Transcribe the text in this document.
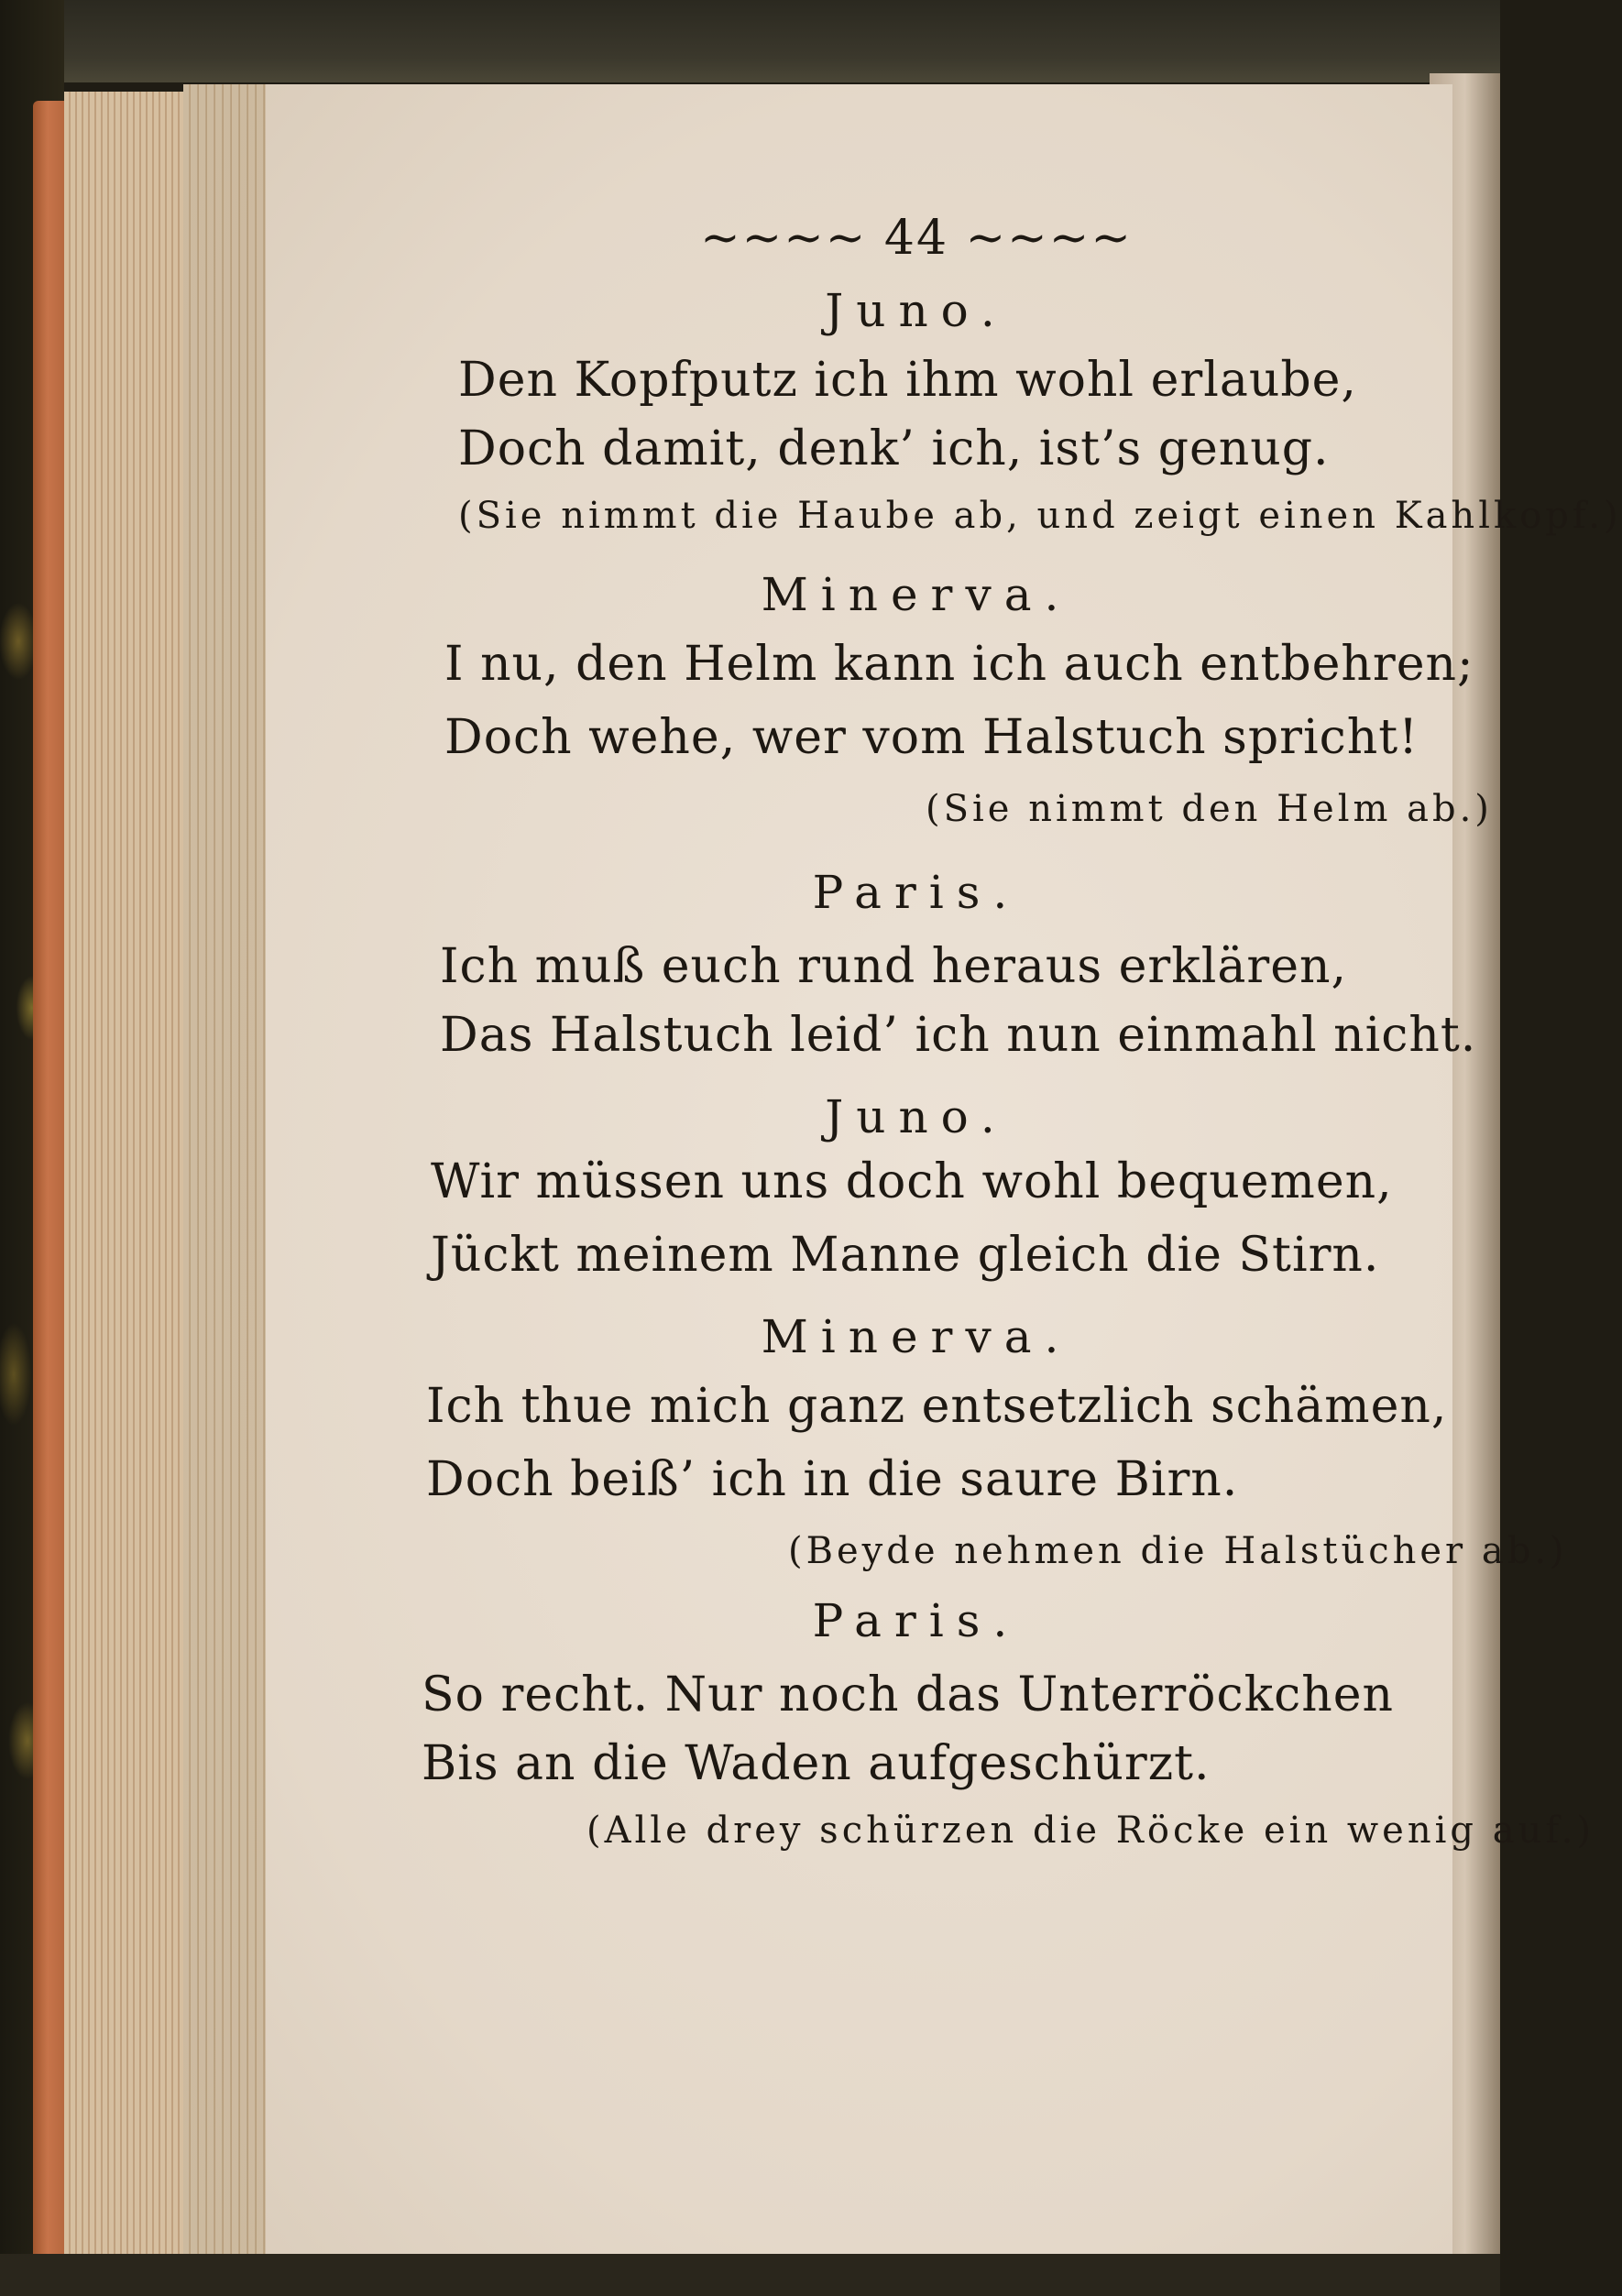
~~~~ 44 ~~~~
Juno.
Den Kopfputz ich ihm wohl erlaube,
Doch damit, denk’ ich, ist’s genug.
(Sie nimmt die Haube ab, und zeigt einen Kahlkopf.)
Minerva.
I nu, den Helm kann ich auch entbehren;
Doch wehe, wer vom Halstuch spricht!
(Sie nimmt den Helm ab.)
Paris.
Ich muß euch rund heraus erklären,
Das Halstuch leid’ ich nun einmahl nicht.
Juno.
Wir müssen uns doch wohl bequemen,
Jückt meinem Manne gleich die Stirn.
Minerva.
Ich thue mich ganz entsetzlich schämen,
Doch beiß’ ich in die saure Birn.
(Beyde nehmen die Halstücher ab.)
Paris.
So recht. Nur noch das Unterröckchen
Bis an die Waden aufgeschürzt.
(Alle drey schürzen die Röcke ein wenig auf.)
